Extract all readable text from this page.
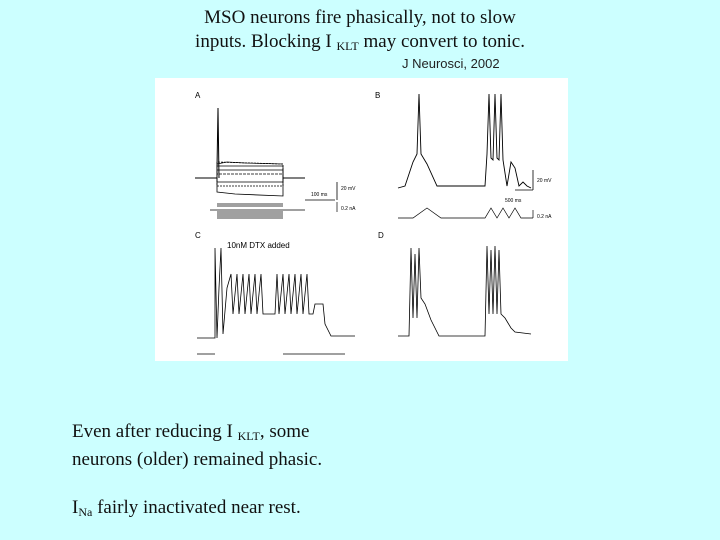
MSO neurons fire phasically, not to slow
inputs. Blocking I $_{KLT}$ may convert to tonic.
J Neurosci, 2002
A	B
C	D
100 ms
20 mV
0.2 nA
20 mV
500 ms
0.2 nA
10nM DTX added

Even after reducing I $_{KLT}$, some

neurons (older) remained phasic.

$I_{Na}$ fairly inactivated near rest.
